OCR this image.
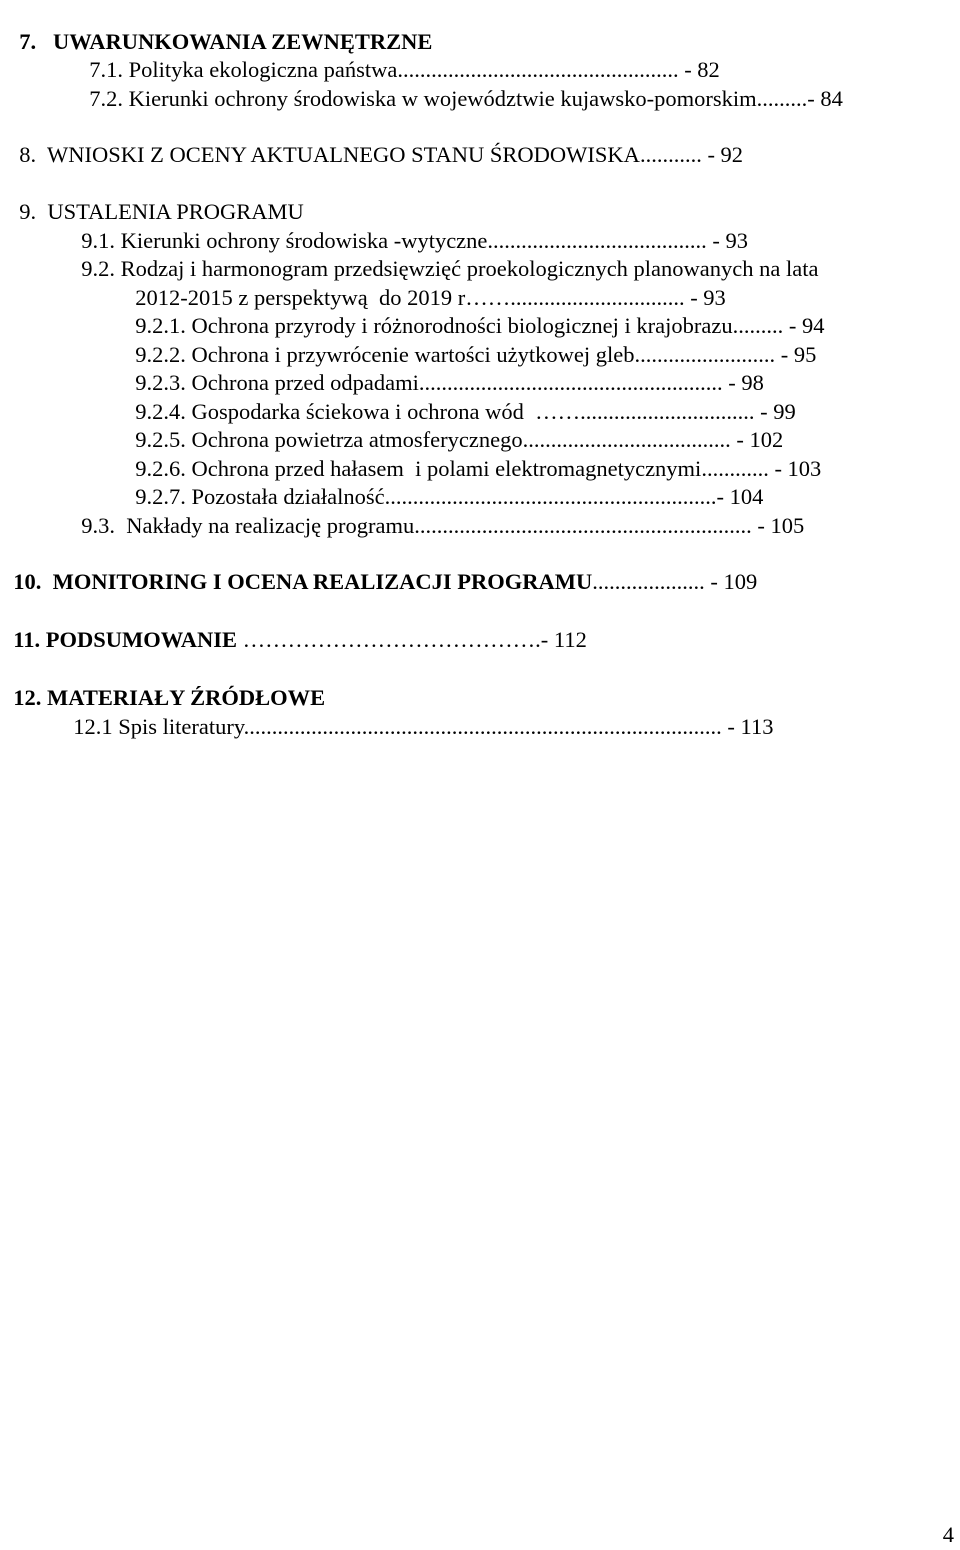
7. UWARUNKOWANIA ZEWNĘTRZNE

7.1. Polityka ekologiczna państwa.................................................. - 82

7.2. Kierunki ochrony środowiska w województwie kujawsko-pomorskim.........- 84

8.  WNIOSKI Z OCENY AKTUALNEGO STANU ŚRODOWISKA........... - 92

9.  USTALENIA PROGRAMU

9.1. Kierunki ochrony środowiska -wytyczne....................................... - 93

9.2. Rodzaj i harmonogram przedsięwzięć proekologicznych planowanych na lata

2012-2015 z perspektywą  do 2019 r……............................... - 93

9.2.1. Ochrona przyrody i różnorodności biologicznej i krajobrazu......... - 94

9.2.2. Ochrona i przywrócenie wartości użytkowej gleb......................... - 95

9.2.3. Ochrona przed odpadami...................................................... - 98

9.2.4. Gospodarka ściekowa i ochrona wód  ……............................... - 99

9.2.5. Ochrona powietrza atmosferycznego..................................... - 102

9.2.6. Ochrona przed hałasem  i polami elektromagnetycznymi............ - 103

9.2.7. Pozostała działalność...........................................................- 104

9.3.  Nakłady na realizację programu............................................................ - 105

10.  MONITORING I OCENA REALIZACJI PROGRAMU.................... - 109

11. PODSUMOWANIE ………………………………….- 112

12. MATERIAŁY ŹRÓDŁOWE

12.1 Spis literatury..................................................................................... - 113

4
